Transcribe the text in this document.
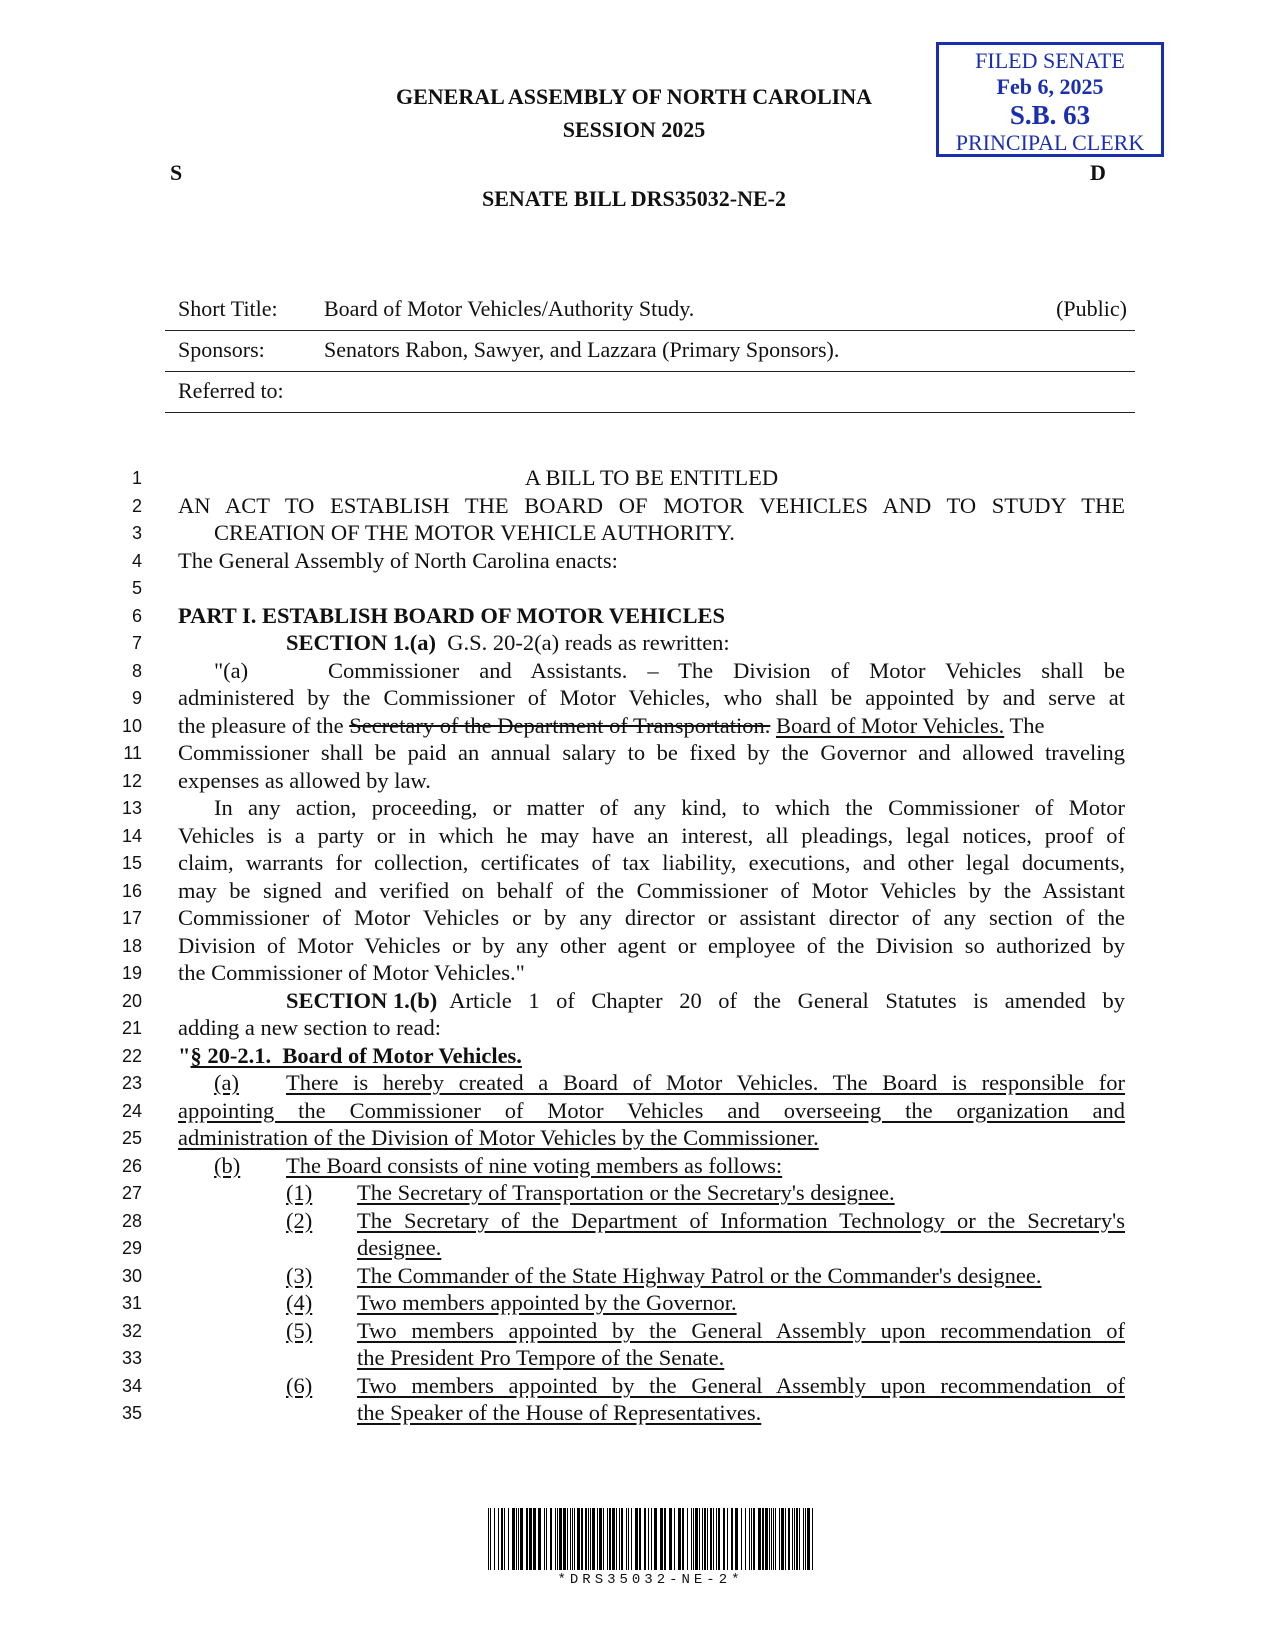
GENERAL ASSEMBLY OF NORTH CAROLINA
SESSION 2025
S	D
SENATE BILL DRS35032-NE-2
FILED SENATE
Feb 6, 2025
S.B. 63
PRINCIPAL CLERK
Short Title: Board of Motor Vehicles/Authority Study.	(Public)
Sponsors:	Senators Rabon, Sawyer, and Lazzara (Primary Sponsors).
Referred to:
1
2
3
4
5
6
7
8
9
10
11
12
13
14
15
16
17
18
19
20
21
22
23
24
25
26
27
28
29
30
31
32
33
34
35
A BILL TO BE ENTITLED
AN ACT TO ESTABLISH THE BOARD OF MOTOR VEHICLES AND TO STUDY THE
CREATION OF THE MOTOR VEHICLE AUTHORITY.
The General Assembly of North Carolina enacts:
PART I. ESTABLISH BOARD OF MOTOR VEHICLES
SECTION 1.(a) G.S. 20-2(a) reads as rewritten:
"(a)    Commissioner and Assistants. – The Division of Motor Vehicles shall be
administered by the Commissioner of Motor Vehicles, who shall be appointed by and serve at
the pleasure of the Secretary of the Department of Transportation. Board of Motor Vehicles. The
Commissioner shall be paid an annual salary to be fixed by the Governor and allowed traveling
expenses as allowed by law.
In any action, proceeding, or matter of any kind, to which the Commissioner of Motor
Vehicles is a party or in which he may have an interest, all pleadings, legal notices, proof of
claim, warrants for collection, certificates of tax liability, executions, and other legal documents,
may be signed and verified on behalf of the Commissioner of Motor Vehicles by the Assistant
Commissioner of Motor Vehicles or by any director or assistant director of any section of the
Division of Motor Vehicles or by any other agent or employee of the Division so authorized by
the Commissioner of Motor Vehicles."
SECTION 1.(b) Article 1 of Chapter 20 of the General Statutes is amended by
adding a new section to read:
"§ 20-2.1.  Board of Motor Vehicles.
(a) There is hereby created a Board of Motor Vehicles. The Board is responsible for
appointing the Commissioner of Motor Vehicles and overseeing the organization and
administration of the Division of Motor Vehicles by the Commissioner.
(b) The Board consists of nine voting members as follows:
(1) The Secretary of Transportation or the Secretary's designee.
(2) The Secretary of the Department of Information Technology or the Secretary's
designee.
(3) The Commander of the State Highway Patrol or the Commander's designee.
(4) Two members appointed by the Governor.
(5) Two members appointed by the General Assembly upon recommendation of
the President Pro Tempore of the Senate.
(6) Two members appointed by the General Assembly upon recommendation of
the Speaker of the House of Representatives.
*DRS35032-NE-2*
